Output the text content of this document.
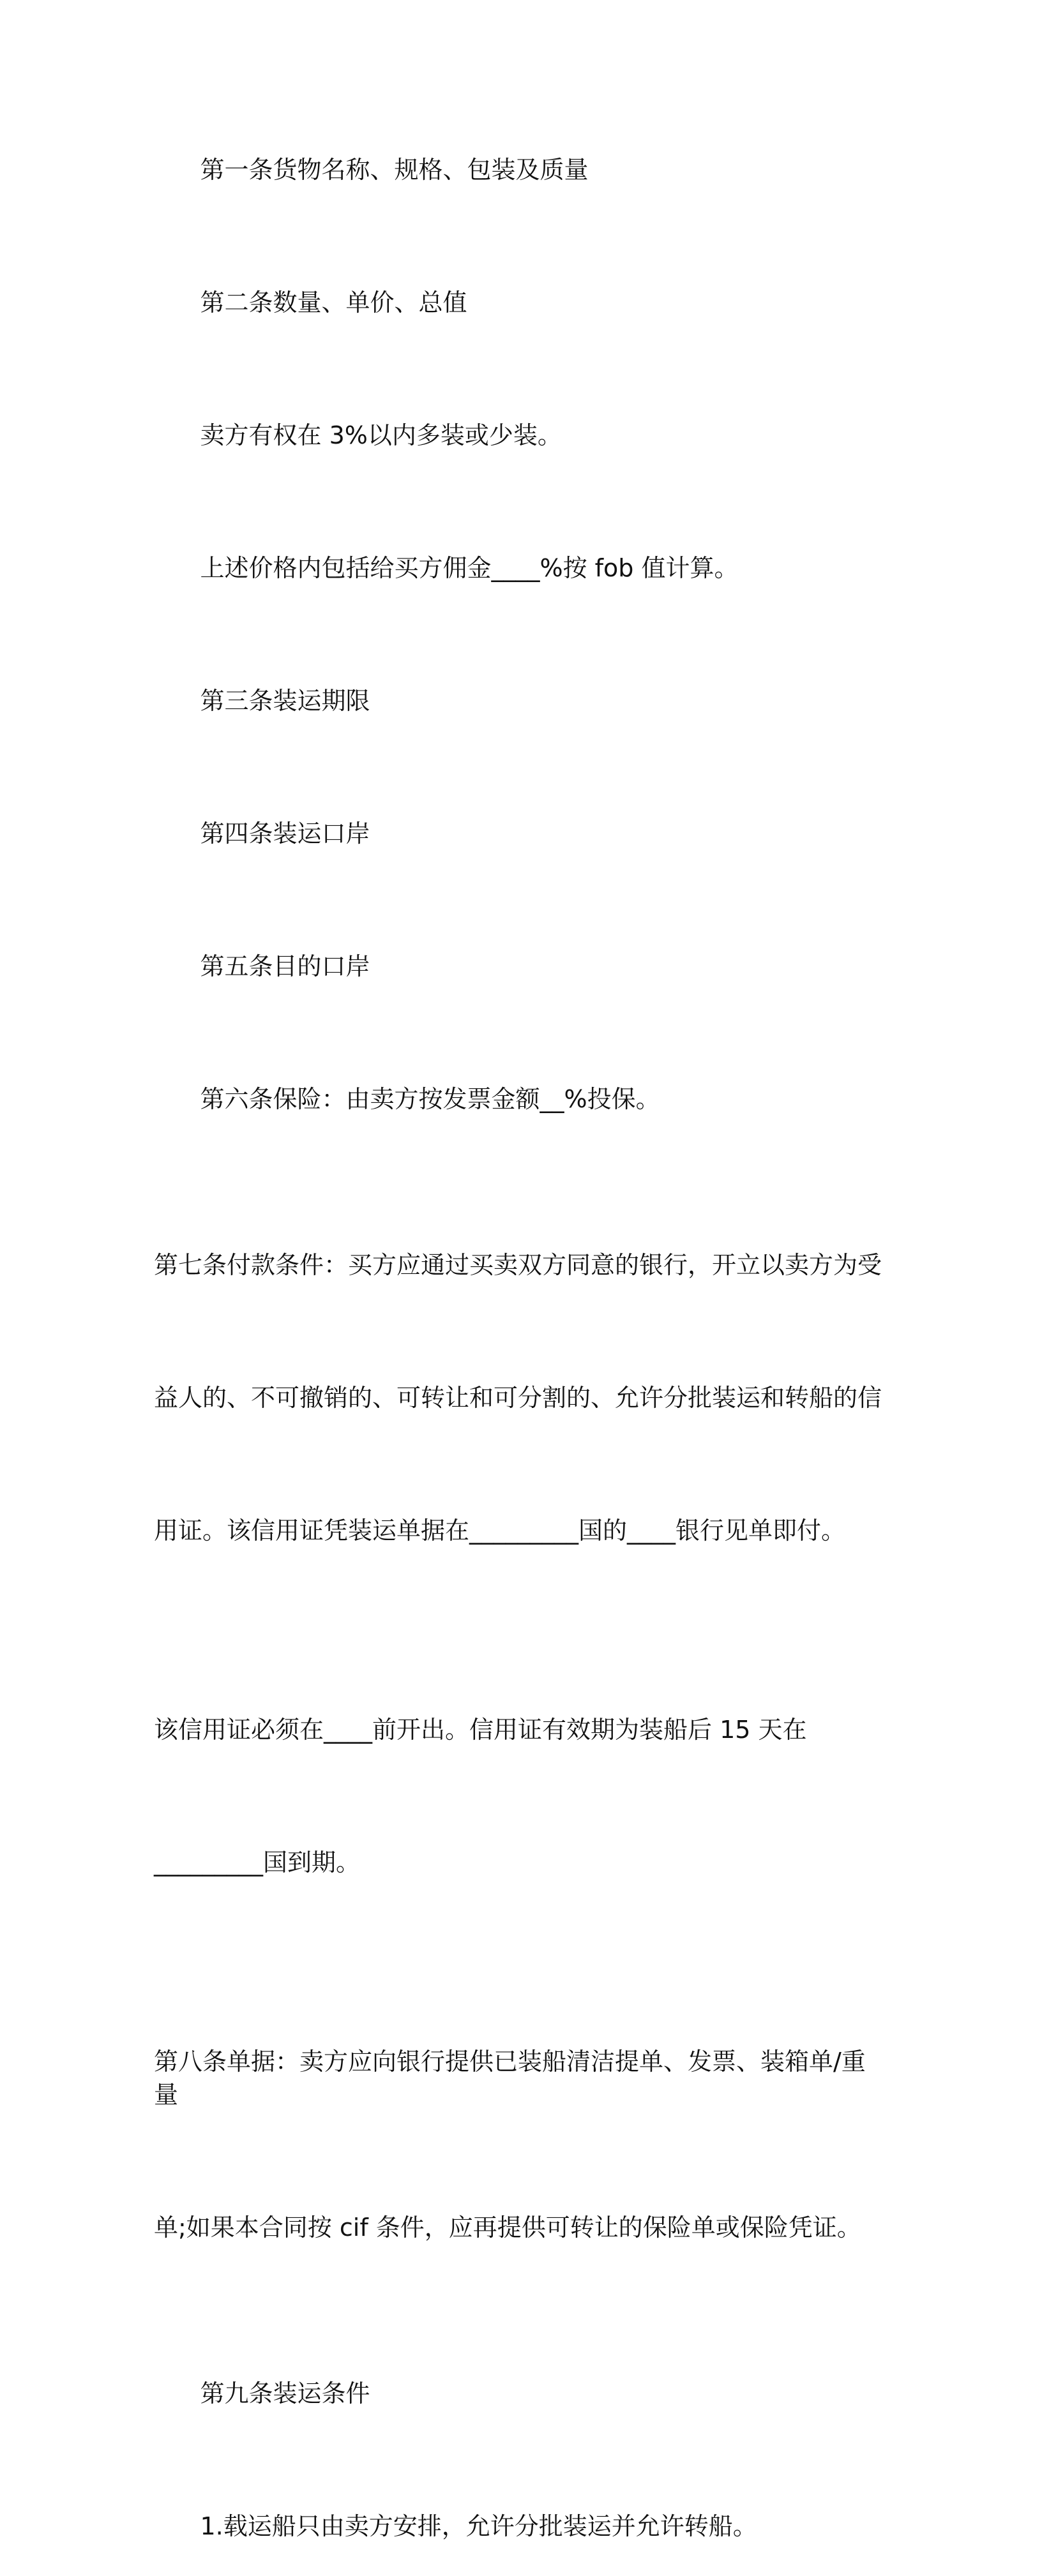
第一条货物名称、规格、包装及质量

第二条数量、单价、总值

卖方有权在 3%以内多装或少装。

上述价格内包括给买方佣金____%按 fob 值计算。

第三条装运期限

第四条装运口岸

第五条目的口岸

第六条保险：由卖方按发票金额__%投保。

第七条付款条件：买方应通过买卖双方同意的银行，开立以卖方为受

益人的、不可撤销的、可转让和可分割的、允许分批装运和转船的信

用证。该信用证凭装运单据在_________国的____银行见单即付。

该信用证必须在____前开出。信用证有效期为装船后 15 天在

_________国到期。

第八条单据：卖方应向银行提供已装船清洁提单、发票、装箱单/重量

单;如果本合同按 cif 条件，应再提供可转让的保险单或保险凭证。

第九条装运条件

1.载运船只由卖方安排，允许分批装运并允许转船。
